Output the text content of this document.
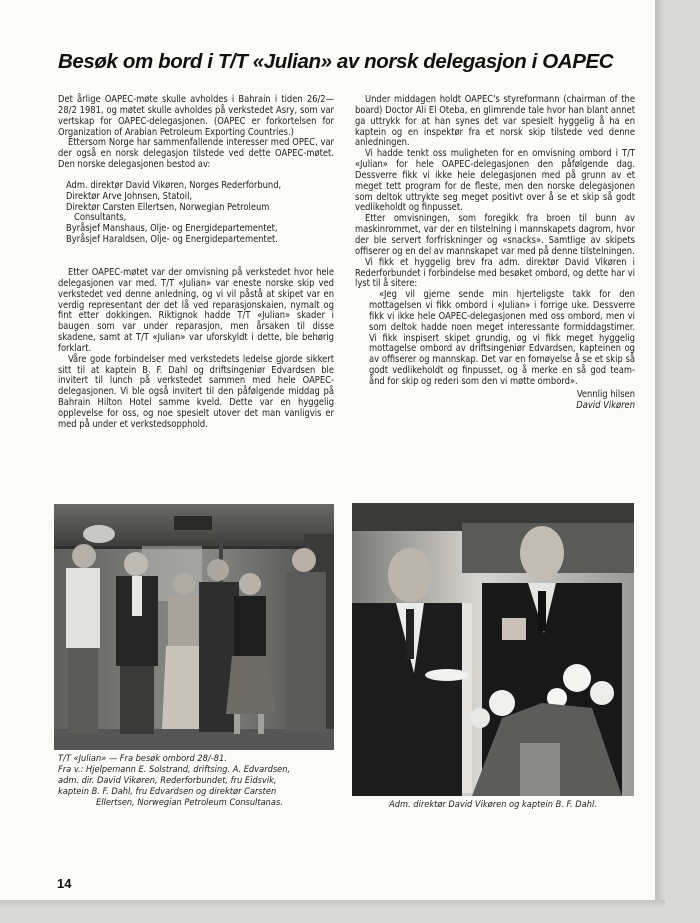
Besøk om bord i T/T «Julian» av norsk delegasjon i OAPEC

Det årlige OAPEC-møte skulle avholdes i Bahrain i tiden 26/2—28/2 1981, og møtet skulle avholdes på verkstedet Asry, som var vertskap for OAPEC-delegasjonen. (OAPEC er forkortelsen for Organization of Arabian Petroleum Exporting Countries.)

Ettersom Norge har sammenfallende interesser med OPEC, var der også en norsk delegasjon tilstede ved dette OAPEC-møtet. Den norske delegasjonen bestod av:

Adm. direktør David Vikøren, Norges Rederforbund,
Direktør Arve Johnsen, Statoil,
Direktør Carsten Ellertsen, Norwegian Petroleum
Consultants,
Byråsjef Manshaus, Olje- og Energidepartementet,
Byråsjef Haraldsen, Olje- og Energidepartementet.

Etter OAPEC-møtet var der omvisning på verkstedet hvor hele delegasjonen var med. T/T «Julian» var eneste norske skip ved verkstedet ved denne anledning, og vi vil påstå at skipet var en verdig representant der det lå ved reparasjonskaien, nymalt og fint etter dokkingen. Riktignok hadde T/T «Julian» skader i baugen som var under reparasjon, men årsaken til disse skadene, samt at T/T «Julian» var uforskyldt i dette, ble behørig forklart.

Våre gode forbindelser med verkstedets ledelse gjorde sikkert sitt til at kaptein B. F. Dahl og driftsingeniør Edvardsen ble invitert til lunch på verkstedet sammen med hele OAPEC-delegasjonen. Vi ble også invitert til den påfølgende middag på Bahrain Hilton Hotel samme kveld. Dette var en hyggelig opplevelse for oss, og noe spesielt utover det man vanligvis er med på under et verkstedsopphold.

Under middagen holdt OAPEC's styreformann (chairman of the board) Doctor Ali El Oteba, en glimrende tale hvor han blant annet ga uttrykk for at han synes det var spesielt hyggelig å ha en kaptein og en inspektør fra et norsk skip tilstede ved denne anledningen.

Vi hadde tenkt oss muligheten for en omvisning ombord i T/T «Julian» for hele OAPEC-delegasjonen den påfølgende dag. Dessverre fikk vi ikke hele delegasjonen med på grunn av et meget tett program for de fleste, men den norske delegasjonen som deltok uttrykte seg meget positivt over å se et skip så godt vedlikeholdt og finpusset.

Etter omvisningen, som foregikk fra broen til bunn av maskinrommet, var der en tilstelning i mannskapets dagrom, hvor der ble servert forfriskninger og «snacks». Samtlige av skipets offiserer og en del av mannskapet var med på denne tilstelningen.

Vi fikk et hyggelig brev fra adm. direktør David Vikøren i Rederforbundet i forbindelse med besøket ombord, og dette har vi lyst til å sitere:

«Jeg vil gjerne sende min hjerteligste takk for den mottagelsen vi fikk ombord i «Julian» i forrige uke. Dessverre fikk vi ikke hele OAPEC-delegasjonen med oss ombord, men vi som deltok hadde noen meget interessante formiddagstimer. Vi fikk inspisert skipet grundig, og vi fikk meget hyggelig mottagelse ombord av driftsingeniør Edvardsen, kapteinen og av offiserer og mannskap. Det var en fornøyelse å se et skip så godt vedlikeholdt og finpusset, og å merke en så god team-ånd for skip og rederi som den vi møtte ombord».

Vennlig hilsen
David Vikøren
T/T «Julian» — Fra besøk ombord 28/-81.
Fra v.: Hjelpemann E. Solstrand, driftsing. A. Edvardsen,
adm. dir. David Vikøren, Rederforbundet, fru Eidsvik,
kaptein B. F. Dahl, fru Edvardsen og direktør Carsten
Ellertsen, Norwegian Petroleum Consultanas.	Adm. direktør David Vikøren og kaptein B. F. Dahl.
14
